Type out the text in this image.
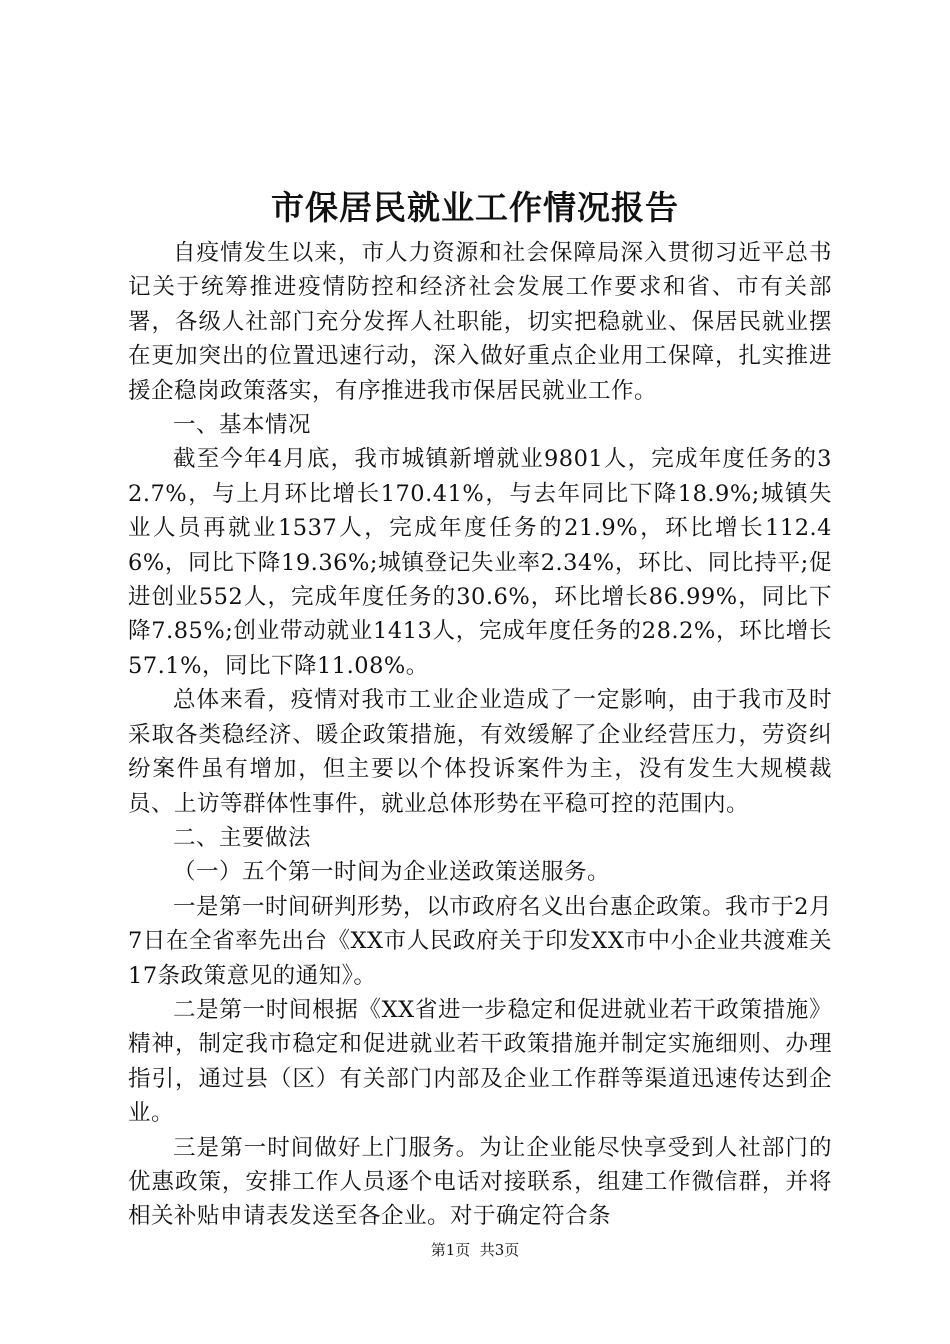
市保居民就业工作情况报告

自疫情发生以来，市人力资源和社会保障局深入贯彻习近平总书记关于统筹推进疫情防控和经济社会发展工作要求和省、市有关部署，各级人社部门充分发挥人社职能，切实把稳就业、保居民就业摆在更加突出的位置迅速行动，深入做好重点企业用工保障，扎实推进援企稳岗政策落实，有序推进我市保居民就业工作。

一、基本情况

截至今年4月底，我市城镇新增就业9801人，完成年度任务的32.7%，与上月环比增长170.41%，与去年同比下降18.9%;城镇失业人员再就业1537人，完成年度任务的21.9%，环比增长112.46%，同比下降19.36%;城镇登记失业率2.34%，环比、同比持平;促进创业552人，完成年度任务的30.6%，环比增长86.99%，同比下降7.85%;创业带动就业1413人，完成年度任务的28.2%，环比增长57.1%，同比下降11.08%。

总体来看，疫情对我市工业企业造成了一定影响，由于我市及时采取各类稳经济、暖企政策措施，有效缓解了企业经营压力，劳资纠纷案件虽有增加，但主要以个体投诉案件为主，没有发生大规模裁员、上访等群体性事件，就业总体形势在平稳可控的范围内。

二、主要做法

（一）五个第一时间为企业送政策送服务。

一是第一时间研判形势，以市政府名义出台惠企政策。我市于2月7日在全省率先出台《XX市人民政府关于印发XX市中小企业共渡难关17条政策意见的通知》。

二是第一时间根据《XX省进一步稳定和促进就业若干政策措施》精神，制定我市稳定和促进就业若干政策措施并制定实施细则、办理指引，通过县（区）有关部门内部及企业工作群等渠道迅速传达到企业。

三是第一时间做好上门服务。为让企业能尽快享受到人社部门的优惠政策，安排工作人员逐个电话对接联系，组建工作微信群，并将相关补贴申请表发送至各企业。对于确定符合条

第1页  共3页
